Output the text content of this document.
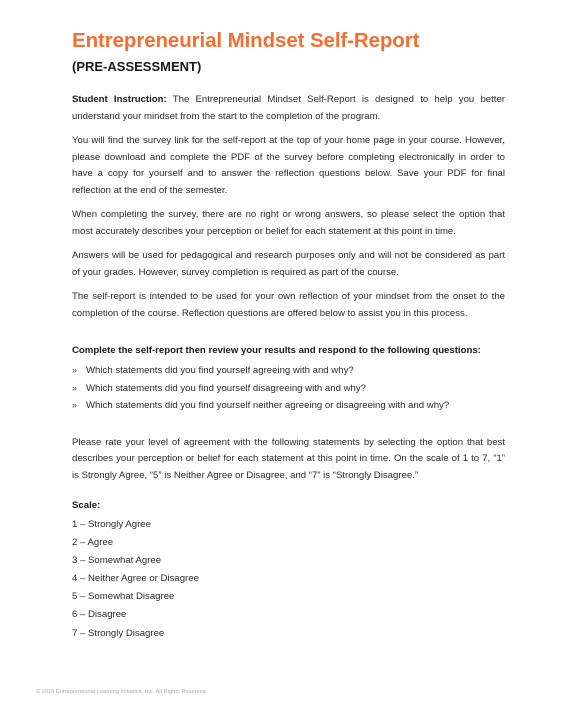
Entrepreneurial Mindset Self-Report
(PRE-ASSESSMENT)

Student Instruction: The Entrepreneurial Mindset Self-Report is designed to help you better understand your mindset from the start to the completion of the program.

You will find the survey link for the self-report at the top of your home page in your course. However, please download and complete the PDF of the survey before completing electronically in order to have a copy for yourself and to answer the reflection questions below. Save your PDF for final reflection at the end of the semester.

When completing the survey, there are no right or wrong answers, so please select the option that most accurately describes your perception or belief for each statement at this point in time.

Answers will be used for pedagogical and research purposes only and will not be considered as part of your grades. However, survey completion is required as part of the course.

The self-report is intended to be used for your own reflection of your mindset from the onset to the completion of the course. Reflection questions are offered below to assist you in this process.

Complete the self-report then review your results and respond to the following questions:
» Which statements did you find yourself agreeing with and why?
» Which statements did you find yourself disagreeing with and why?
» Which statements did you find yourself neither agreeing or disagreeing with and why?

Please rate your level of agreement with the following statements by selecting the option that best describes your perception or belief for each statement at this point in time. On the scale of 1 to 7, “1” is Strongly Agree, “5” is Neither Agree or Disagree, and “7” is “Strongly Disagree.”

Scale:
1 – Strongly Agree
2 – Agree
3 – Somewhat Agree
4 – Neither Agree or Disagree
5 – Somewhat Disagree
6 – Disagree
7 – Strongly Disagree
© 2016 Entrepreneurial Learning Initiative, Inc. All Rights Reserved.
